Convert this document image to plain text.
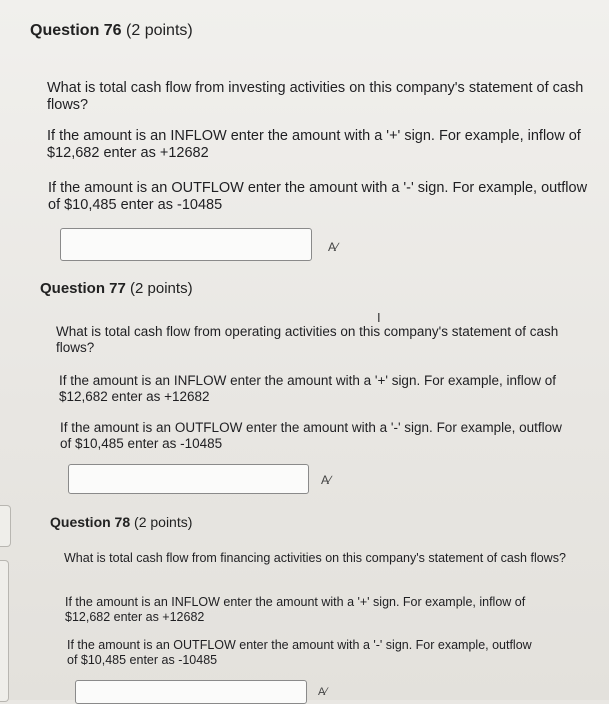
Question 76 (2 points)
What is total cash flow from investing activities on this company's statement of cash flows?
If the amount is an INFLOW enter the amount with a '+' sign. For example, inflow of
$12,682 enter as +12682
If the amount is an OUTFLOW enter the amount with a '-' sign. For example, outflow
of $10,485 enter as -10485
A∕
Question 77 (2 points)
I
What is total cash flow from operating activities on this company's statement of cash flows?
If the amount is an INFLOW enter the amount with a '+' sign. For example, inflow of
$12,682 enter as +12682
If the amount is an OUTFLOW enter the amount with a '-' sign. For example, outflow
of $10,485 enter as -10485
A∕
Question 78 (2 points)
What is total cash flow from financing activities on this company's statement of cash flows?
If the amount is an INFLOW enter the amount with a '+' sign. For example, inflow of
$12,682 enter as +12682
If the amount is an OUTFLOW enter the amount with a '-' sign. For example, outflow
of $10,485 enter as -10485
A∕
